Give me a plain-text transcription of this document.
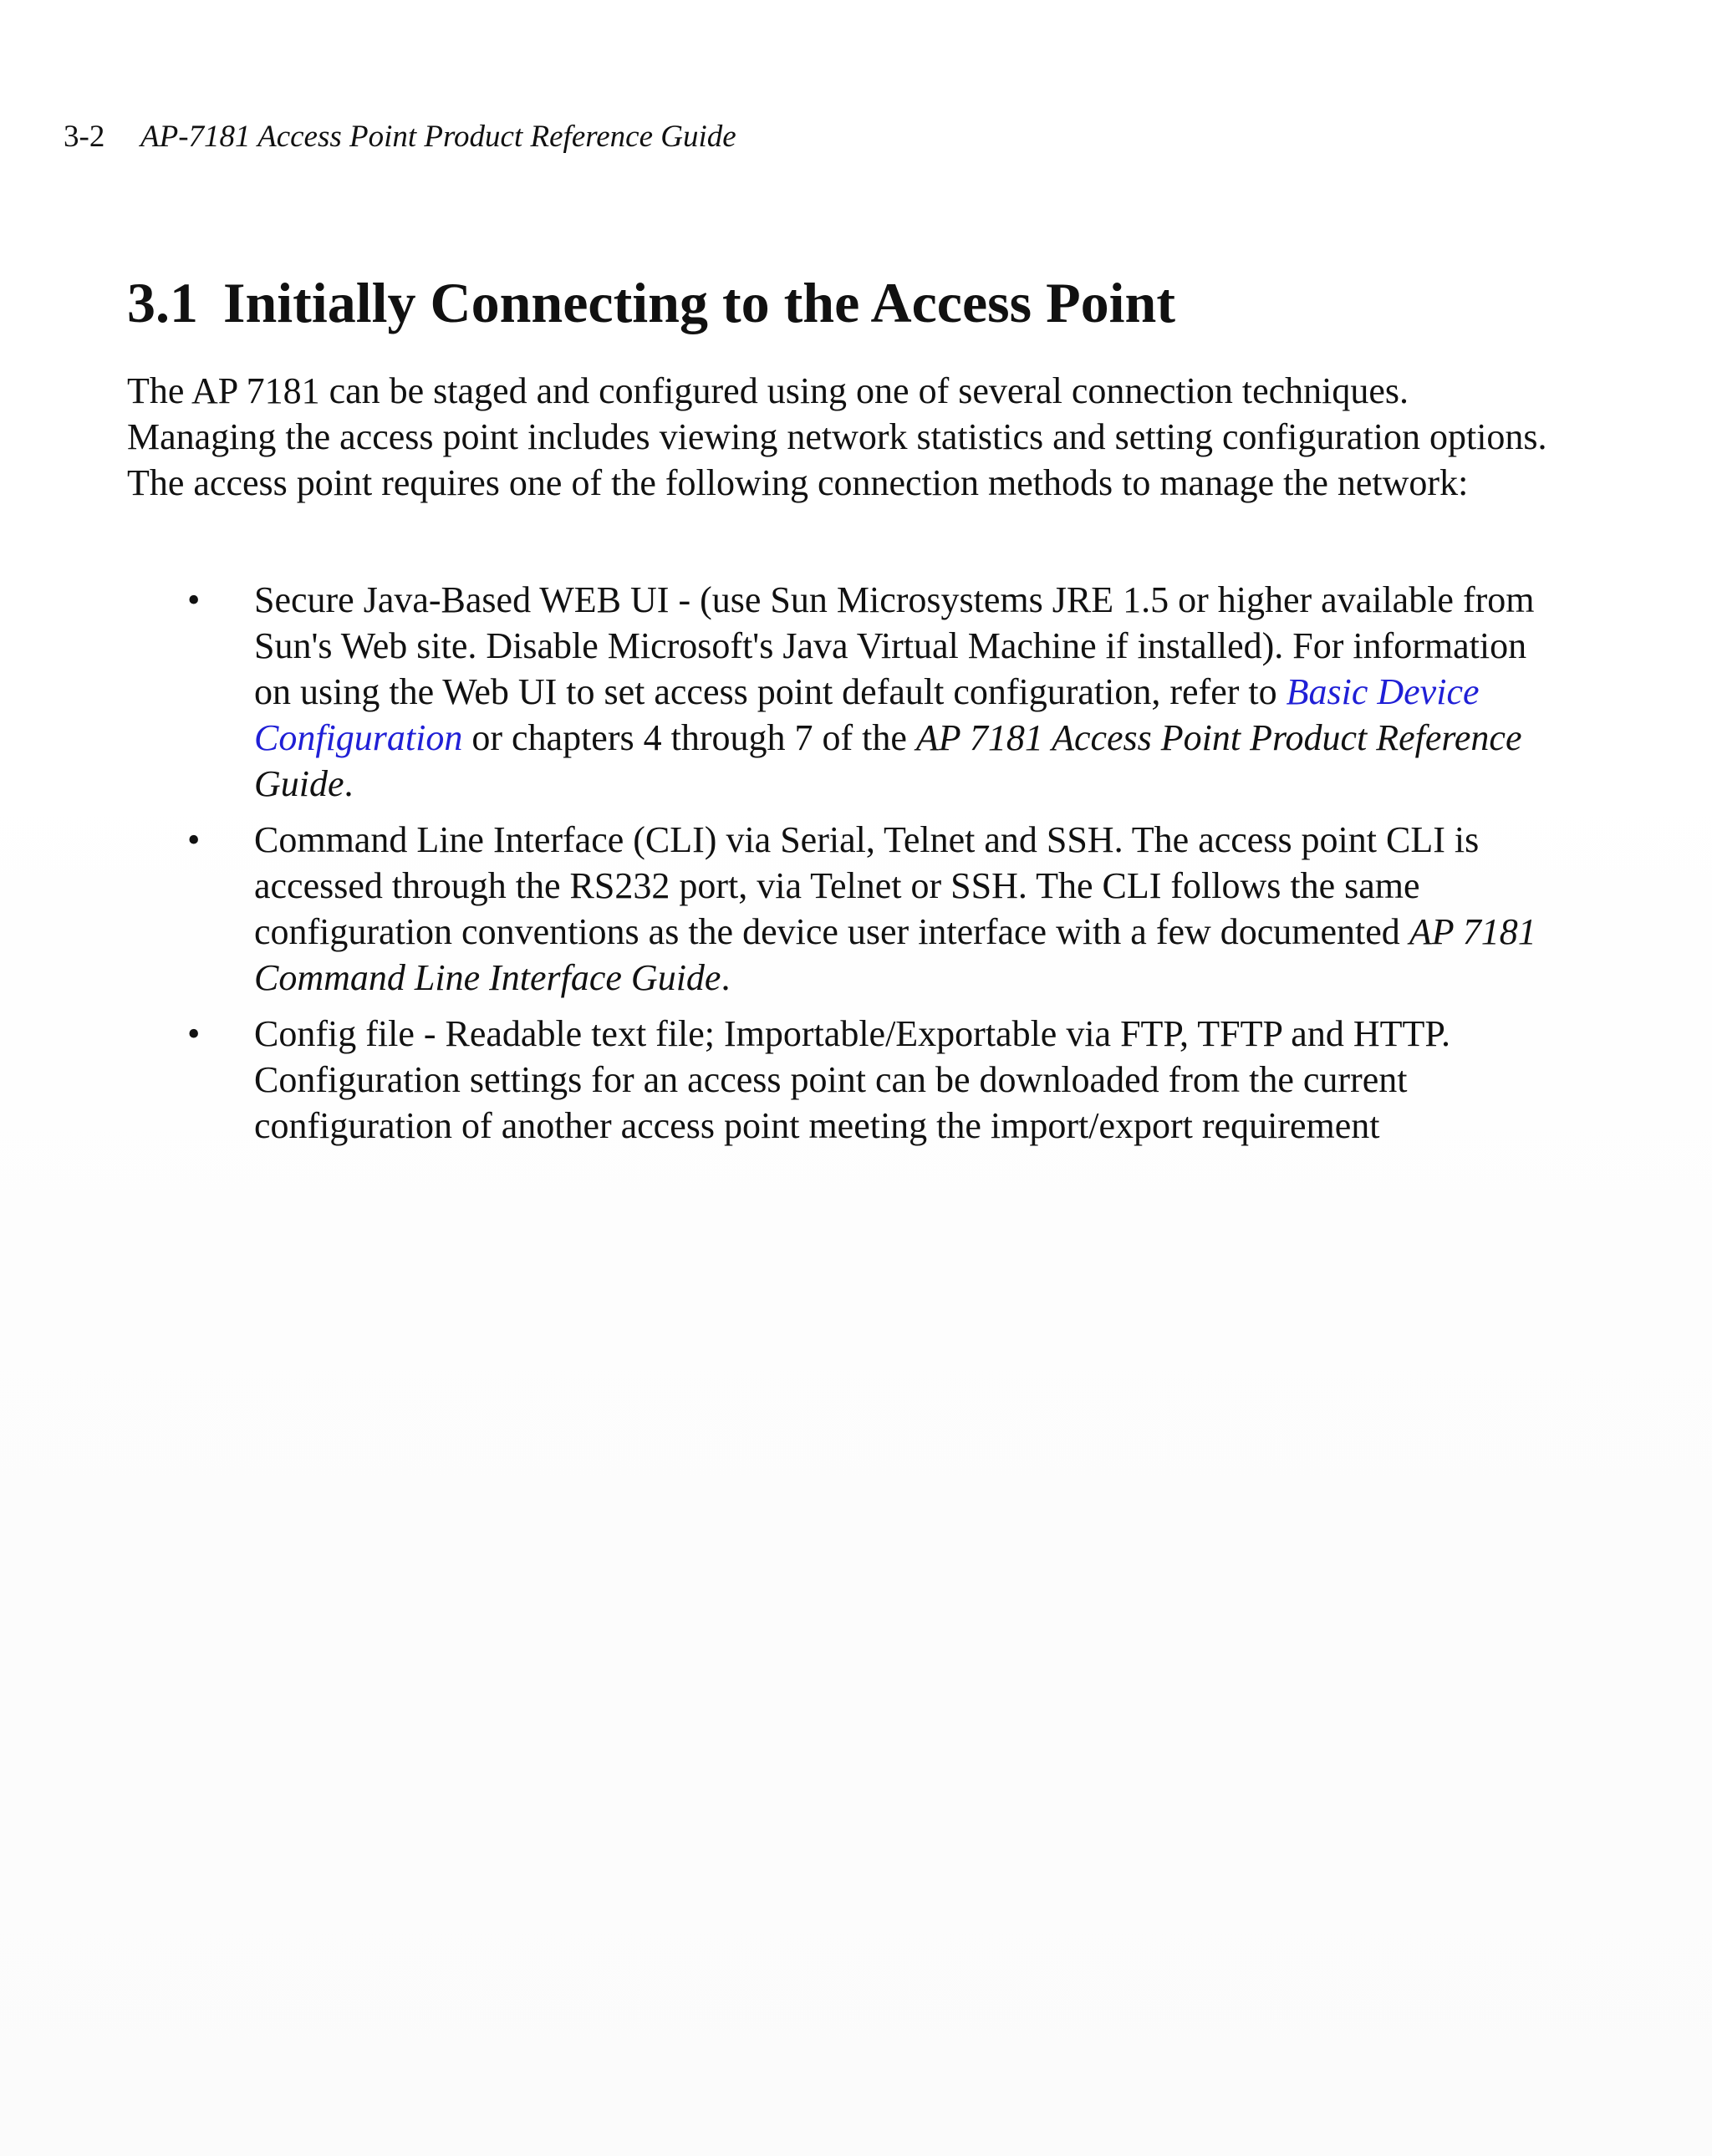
3-2 AP-7181 Access Point Product Reference Guide
3.1 Initially Connecting to the Access Point

The AP 7181 can be staged and configured using one of several connection techniques. Managing the access point includes viewing network statistics and setting configuration options. The access point requires one of the following connection methods to manage the network:

• Secure Java-Based WEB UI - (use Sun Microsystems JRE 1.5 or higher available from Sun's Web site. Disable Microsoft's Java Virtual Machine if installed). For information on using the Web UI to set access point default configuration, refer to Basic Device Configuration or chapters 4 through 7 of the AP 7181 Access Point Product Reference Guide.
• Command Line Interface (CLI) via Serial, Telnet and SSH. The access point CLI is accessed through the RS232 port, via Telnet or SSH. The CLI follows the same configuration conventions as the device user interface with a few documented AP 7181 Command Line Interface Guide.
• Config file - Readable text file; Importable/Exportable via FTP, TFTP and HTTP. Configuration settings for an access point can be downloaded from the current configuration of another access point meeting the import/export requirement
